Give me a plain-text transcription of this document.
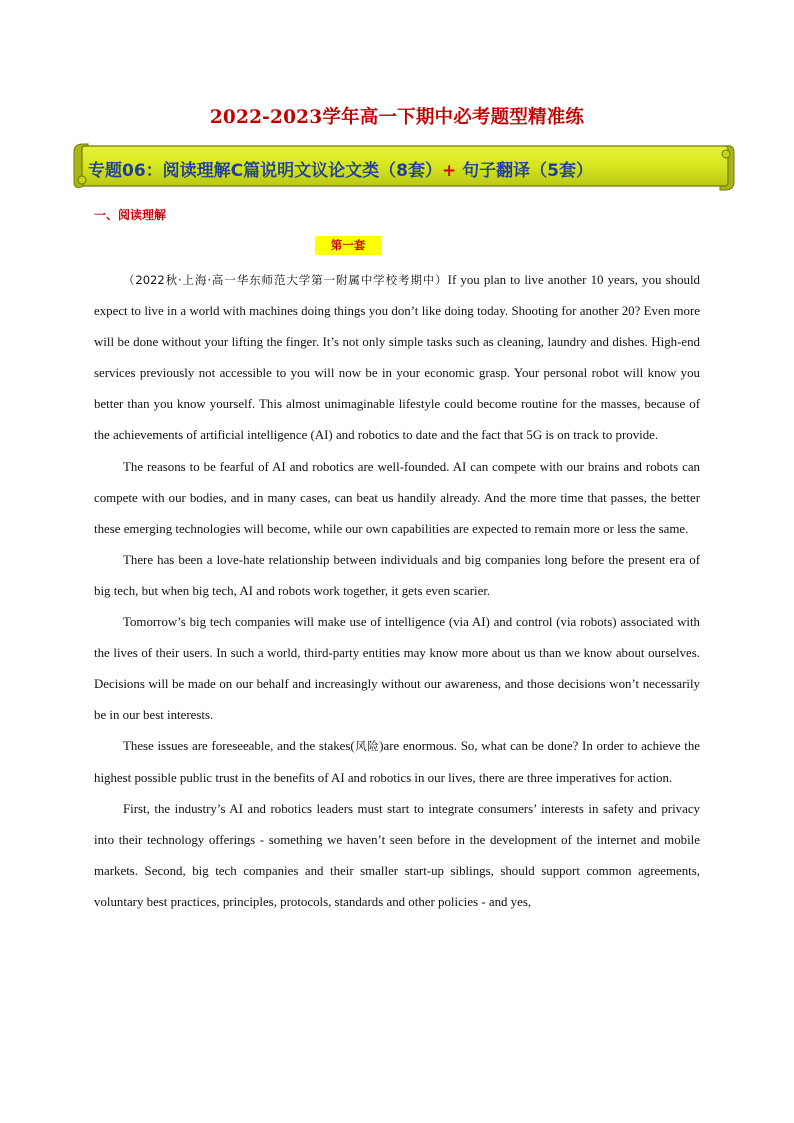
2022-2023学年高一下期中必考题型精准练
专题06：阅读理解C篇说明文议论文类（8套）+ 句子翻译（5套）
一、阅读理解
第一套

（2022秋·上海·高一华东师范大学第一附属中学校考期中）If you plan to live another 10 years, you should expect to live in a world with machines doing things you don’t like doing today. Shooting for another 20? Even more will be done without your lifting the finger. It’s not only simple tasks such as cleaning, laundry and dishes. High-end services previously not accessible to you will now be in your economic grasp. Your personal robot will know you better than you know yourself. This almost unimaginable lifestyle could become routine for the masses, because of the achievements of artificial intelligence (AI) and robotics to date and the fact that 5G is on track to provide.

The reasons to be fearful of AI and robotics are well-founded. AI can compete with our brains and robots can compete with our bodies, and in many cases, can beat us handily already. And the more time that passes, the better these emerging technologies will become, while our own capabilities are expected to remain more or less the same.

There has been a love-hate relationship between individuals and big companies long before the present era of big tech, but when big tech, AI and robots work together, it gets even scarier.

Tomorrow’s big tech companies will make use of intelligence (via AI) and control (via robots) associated with the lives of their users. In such a world, third-party entities may know more about us than we know about ourselves. Decisions will be made on our behalf and increasingly without our awareness, and those decisions won’t necessarily be in our best interests.

These issues are foreseeable, and the stakes(风险)are enormous. So, what can be done? In order to achieve the highest possible public trust in the benefits of AI and robotics in our lives, there are three imperatives for action.

First, the industry’s AI and robotics leaders must start to integrate consumers’ interests in safety and privacy into their technology offerings - something we haven’t seen before in the development of the internet and mobile markets. Second, big tech companies and their smaller start-up siblings, should support common agreements, voluntary best practices, principles, protocols, standards and other policies - and yes,
